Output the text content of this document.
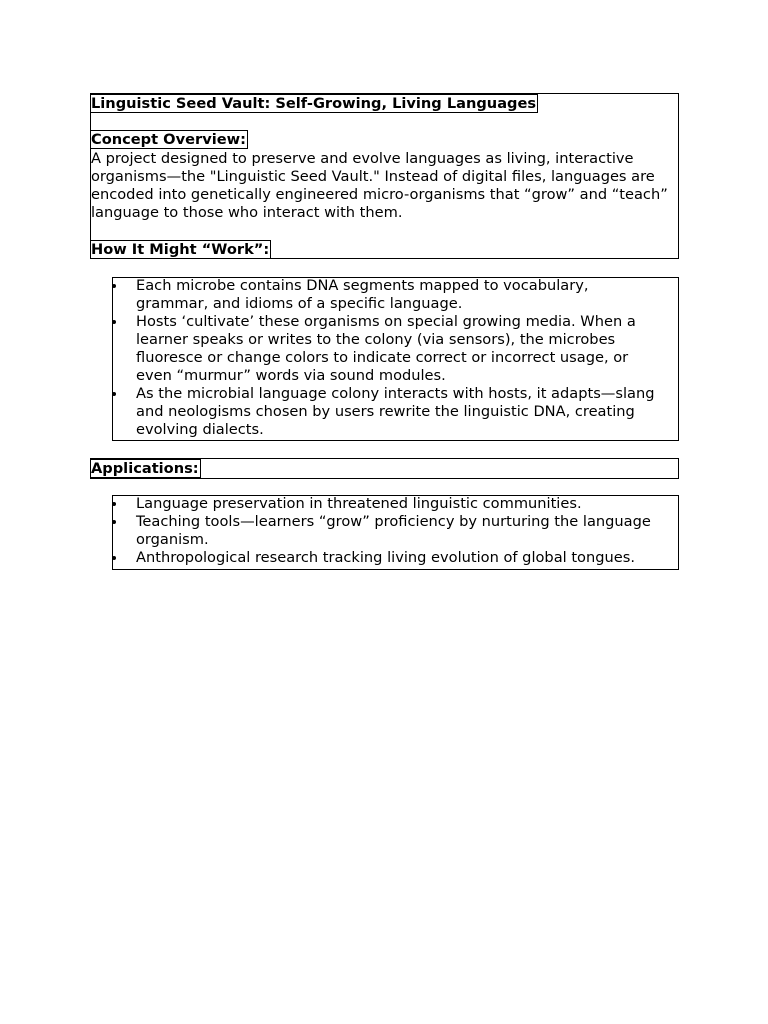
Linguistic Seed Vault: Self-Growing, Living Languages
Concept Overview:

A project designed to preserve and evolve languages as living, interactive organisms—the "Linguistic Seed Vault." Instead of digital files, languages are encoded into genetically engineered micro-organisms that “grow” and “teach” language to those who interact with them.

How It Might “Work”:
Each microbe contains DNA segments mapped to vocabulary, grammar, and idioms of a specific language.
Hosts ‘cultivate’ these organisms on special growing media. When a learner speaks or writes to the colony (via sensors), the microbes fluoresce or change colors to indicate correct or incorrect usage, or even “murmur” words via sound modules.
As the microbial language colony interacts with hosts, it adapts—slang and neologisms chosen by users rewrite the linguistic DNA, creating evolving dialects.
Applications:
Language preservation in threatened linguistic communities.
Teaching tools—learners “grow” proficiency by nurturing the language organism.
Anthropological research tracking living evolution of global tongues.
